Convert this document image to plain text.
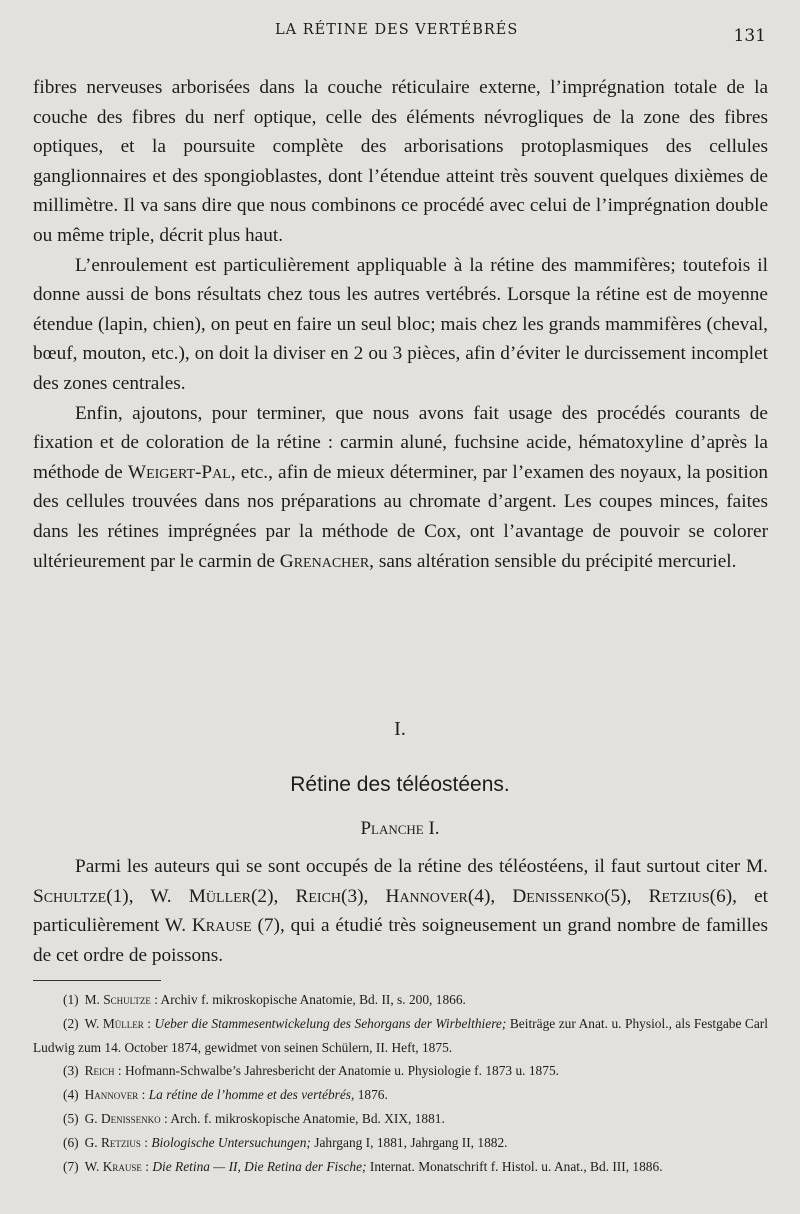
LA RÉTINE DES VERTÉBRÉS	131

fibres nerveuses arborisées dans la couche réticulaire externe, l’imprégnation totale de la couche des fibres du nerf optique, celle des éléments névrogliques de la zone des fibres optiques, et la poursuite complète des arborisations protoplasmiques des cellules ganglionnaires et des spongioblastes, dont l’étendue atteint très souvent quelques dixièmes de millimètre. Il va sans dire que nous combinons ce procédé avec celui de l’imprégnation double ou même triple, décrit plus haut.

L’enroulement est particulièrement appliquable à la rétine des mammifères; toutefois il donne aussi de bons résultats chez tous les autres vertébrés. Lorsque la rétine est de moyenne étendue (lapin, chien), on peut en faire un seul bloc; mais chez les grands mammifères (cheval, bœuf, mouton, etc.), on doit la diviser en 2 ou 3 pièces, afin d’éviter le durcissement incomplet des zones centrales.

Enfin, ajoutons, pour terminer, que nous avons fait usage des procédés courants de fixation et de coloration de la rétine : carmin aluné, fuchsine acide, hématoxyline d’après la méthode de Weigert-Pal, etc., afin de mieux déterminer, par l’examen des noyaux, la position des cellules trouvées dans nos préparations au chromate d’argent. Les coupes minces, faites dans les rétines imprégnées par la méthode de Cox, ont l’avantage de pouvoir se colorer ultérieurement par le carmin de Grenacher, sans altération sensible du précipité mercuriel.

I.
Rétine des téléostéens.
Planche I.

Parmi les auteurs qui se sont occupés de la rétine des téléostéens, il faut surtout citer M. Schultze(1), W. Müller(2), Reich(3), Hannover(4), Denissenko(5), Retzius(6), et particulièrement W. Krause (7), qui a étudié très soigneusement un grand nombre de familles de cet ordre de poissons.

(1) M. Schultze : Archiv f. mikroskopische Anatomie, Bd. II, s. 200, 1866.

(2) W. Müller : Ueber die Stammesentwickelung des Sehorgans der Wirbelthiere; Beiträge zur Anat. u. Physiol., als Festgabe Carl Ludwig zum 14. October 1874, gewidmet von seinen Schülern, II. Heft, 1875.

(3) Reich : Hofmann-Schwalbe’s Jahresbericht der Anatomie u. Physiologie f. 1873 u. 1875.

(4) Hannover : La rétine de l’homme et des vertébrés, 1876.

(5) G. Denissenko : Arch. f. mikroskopische Anatomie, Bd. XIX, 1881.

(6) G. Retzius : Biologische Untersuchungen; Jahrgang I, 1881, Jahrgang II, 1882.

(7) W. Krause : Die Retina — II, Die Retina der Fische; Internat. Monatschrift f. Histol. u. Anat., Bd. III, 1886.
